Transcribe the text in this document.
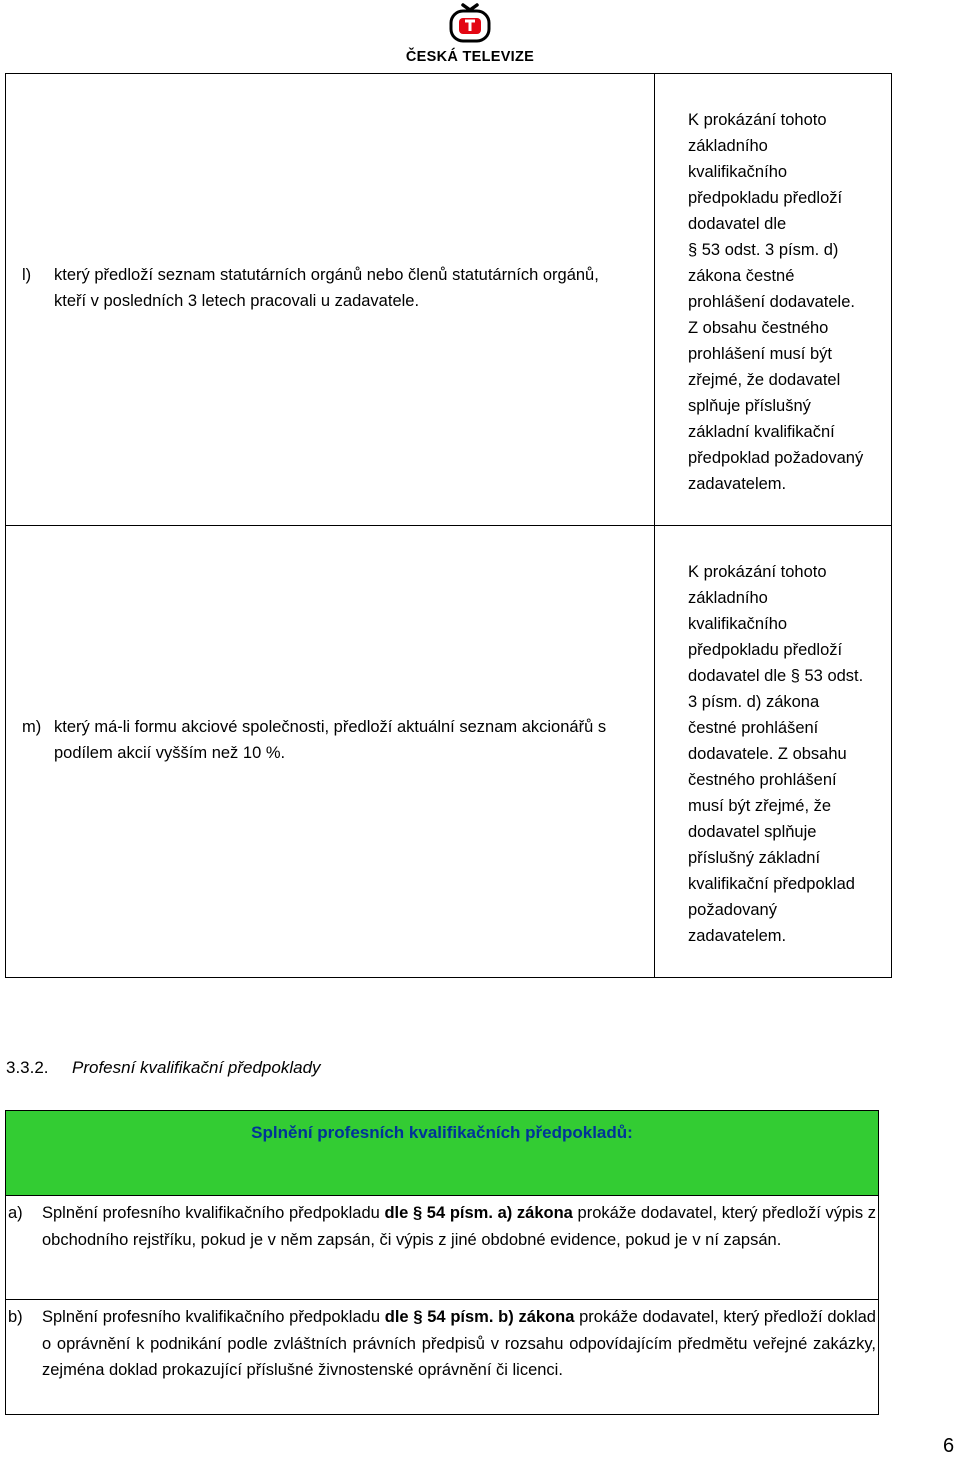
ČESKÁ TELEVIZE
l)	který předloží seznam statutárních orgánů nebo členů statutárních orgánů, kteří v posledních 3 letech pracovali u zadavatele.
K prokázání tohoto
základního
kvalifikačního
předpokladu předloží
dodavatel dle
§ 53 odst. 3 písm. d)
zákona čestné
prohlášení dodavatele.
Z obsahu čestného
prohlášení musí být
zřejmé, že dodavatel
splňuje příslušný
základní kvalifikační
předpoklad požadovaný
zadavatelem.
m) který má-li formu akciové společnosti, předloží aktuální seznam akcionářů s podílem akcií vyšším než 10 %.
K prokázání tohoto
základního
kvalifikačního
předpokladu předloží
dodavatel dle § 53 odst.
3 písm. d) zákona
čestné prohlášení
dodavatele. Z obsahu
čestného prohlášení
musí být zřejmé, že
dodavatel splňuje
příslušný základní
kvalifikační předpoklad
požadovaný
zadavatelem.
3.3.2. Profesní kvalifikační předpoklady
Splnění profesních kvalifikačních předpokladů:
a)	Splnění profesního kvalifikačního předpokladu dle § 54 písm. a) zákona prokáže dodavatel, který předloží výpis z obchodního rejstříku, pokud je v něm zapsán, či výpis z jiné obdobné evidence, pokud je v ní zapsán.
b)	Splnění profesního kvalifikačního předpokladu dle § 54 písm. b) zákona prokáže dodavatel, který předloží doklad o oprávnění k podnikání podle zvláštních právních předpisů v rozsahu odpovídajícím předmětu veřejné zakázky, zejména doklad prokazující příslušné živnostenské oprávnění či licenci.
6
